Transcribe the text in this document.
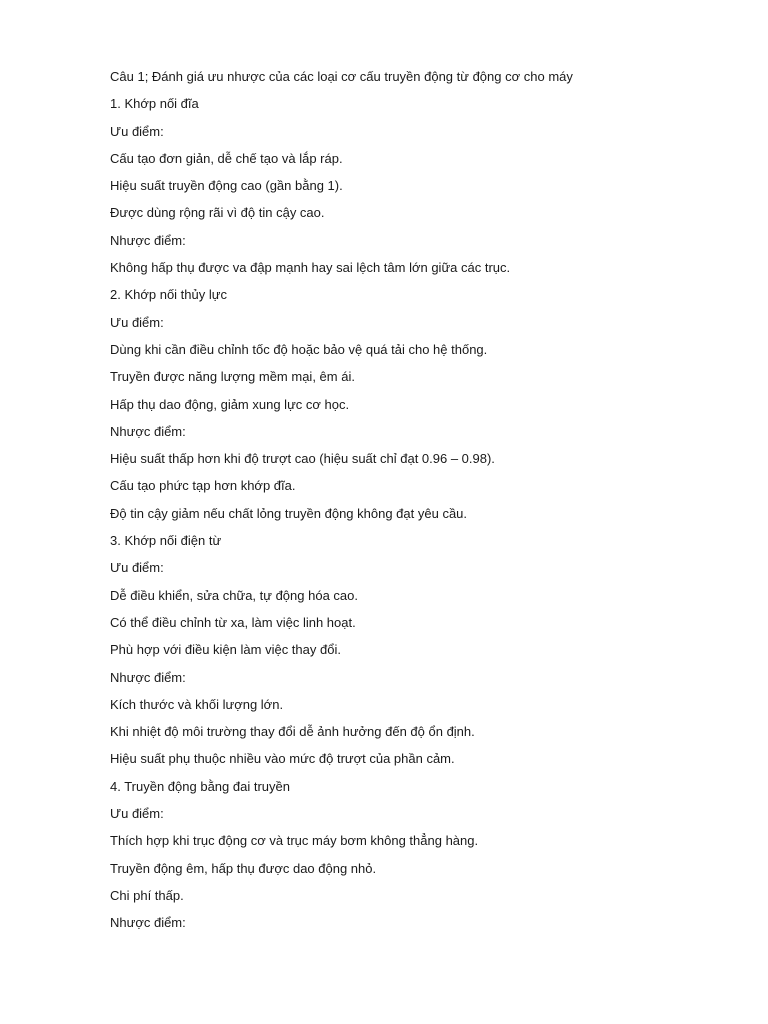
Câu 1; Đánh giá ưu nhược của các loại cơ cấu truyền động từ động cơ cho máy
1. Khớp nối đĩa
Ưu điểm:
Cấu tạo đơn giản, dễ chế tạo và lắp ráp.
Hiệu suất truyền động cao (gần bằng 1).
Được dùng rộng rãi vì độ tin cậy cao.
Nhược điểm:
Không hấp thụ được va đập mạnh hay sai lệch tâm lớn giữa các trục.
2. Khớp nối thủy lực
Ưu điểm:
Dùng khi cần điều chỉnh tốc độ hoặc bảo vệ quá tải cho hệ thống.
Truyền được năng lượng mềm mại, êm ái.
Hấp thụ dao động, giảm xung lực cơ học.
Nhược điểm:
Hiệu suất thấp hơn khi độ trượt cao (hiệu suất chỉ đạt 0.96 – 0.98).
Cấu tạo phức tạp hơn khớp đĩa.
Độ tin cậy giảm nếu chất lỏng truyền động không đạt yêu cầu.
3. Khớp nối điện từ
Ưu điểm:
Dễ điều khiển, sửa chữa, tự động hóa cao.
Có thể điều chỉnh từ xa, làm việc linh hoạt.
Phù hợp với điều kiện làm việc thay đổi.
Nhược điểm:
Kích thước và khối lượng lớn.
Khi nhiệt độ môi trường thay đổi dễ ảnh hưởng đến độ ổn định.
Hiệu suất phụ thuộc nhiều vào mức độ trượt của phần cảm.
4. Truyền động bằng đai truyền
Ưu điểm:
Thích hợp khi trục động cơ và trục máy bơm không thẳng hàng.
Truyền động êm, hấp thụ được dao động nhỏ.
Chi phí thấp.
Nhược điểm:
